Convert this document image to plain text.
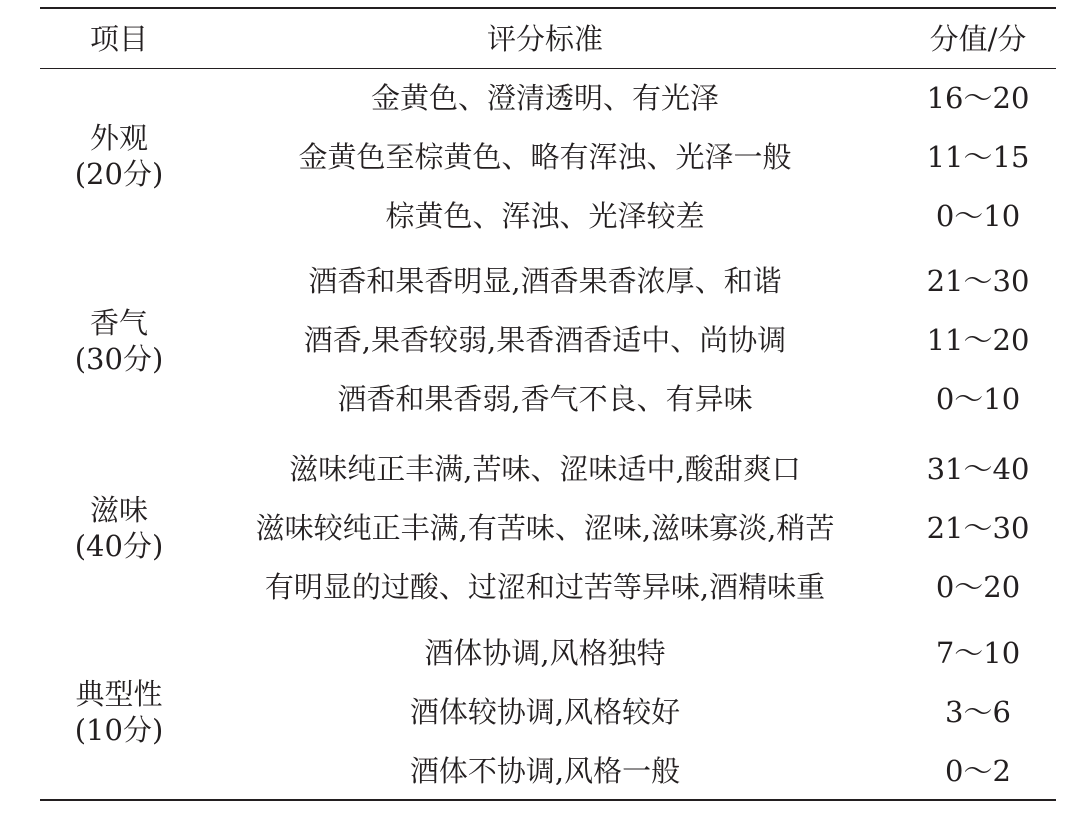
项目	评分标准	分值/分
外观
(20分)
金黄色、澄清透明、有光泽	16～20
金黄色至棕黄色、略有浑浊、光泽一般	11～15
棕黄色、浑浊、光泽较差	0～10
香气
(30分)
酒香和果香明显,酒香果香浓厚、和谐	21～30
酒香,果香较弱,果香酒香适中、尚协调	11～20
酒香和果香弱,香气不良、有异味	0～10
滋味
(40分)
滋味纯正丰满,苦味、涩味适中,酸甜爽口	31～40
滋味较纯正丰满,有苦味、涩味,滋味寡淡,稍苦	21～30
有明显的过酸、过涩和过苦等异味,酒精味重	0～20
典型性
(10分)
酒体协调,风格独特	7～10
酒体较协调,风格较好	3～6
酒体不协调,风格一般	0～2
